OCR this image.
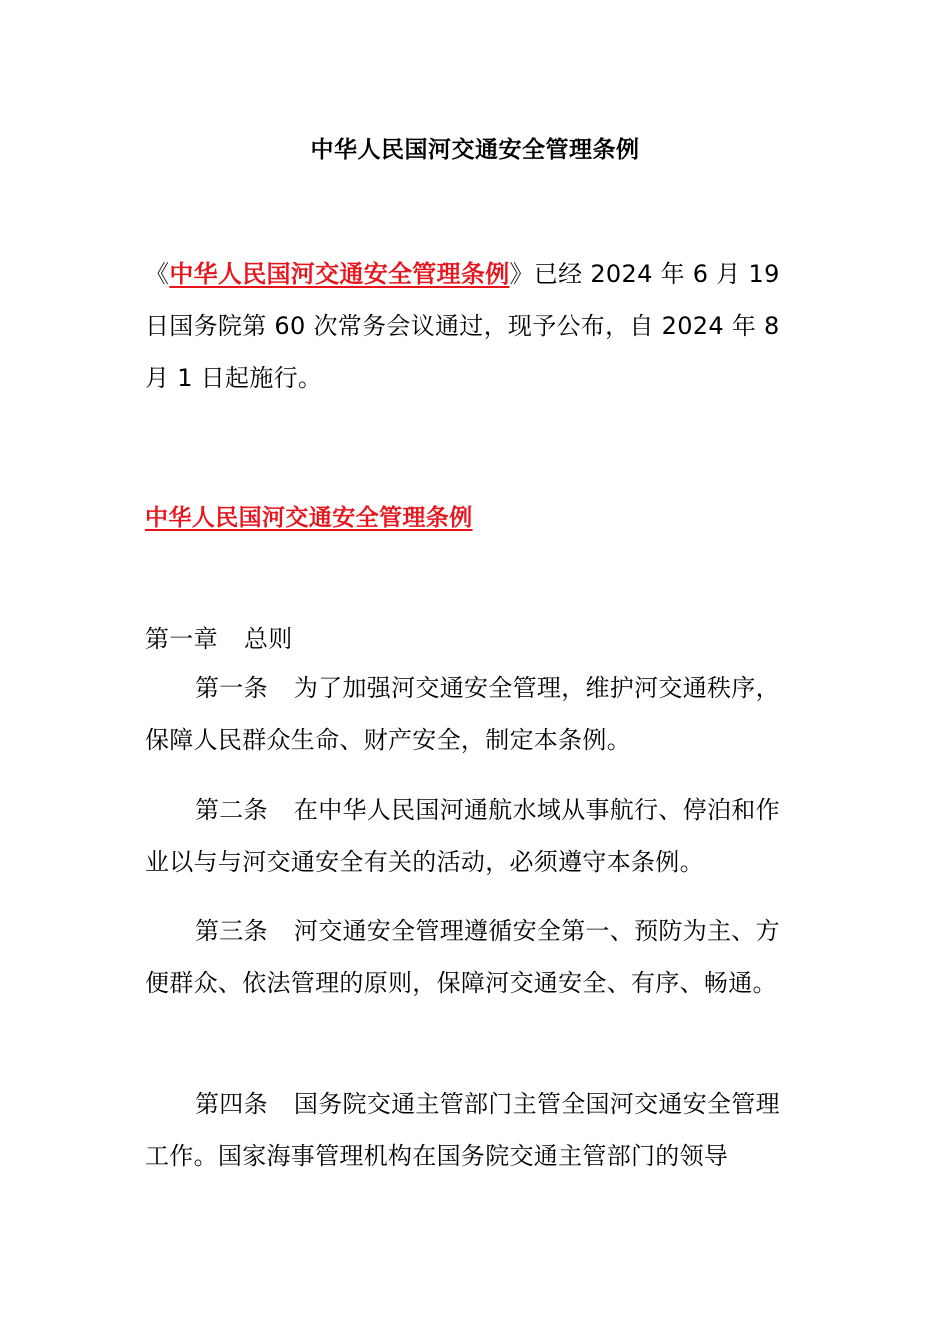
中华人民国河交通安全管理条例
《中华人民国河交通安全管理条例》已经 2024 年 6 月 19 日国务院第 60 次常务会议通过，现予公布，自 2024 年 8 月 1 日起施行。
中华人民国河交通安全管理条例
第一章 总则
第一条 为了加强河交通安全管理，维护河交通秩序，保障人民群众生命、财产安全，制定本条例。
第二条 在中华人民国河通航水域从事航行、停泊和作业以与与河交通安全有关的活动，必须遵守本条例。
第三条 河交通安全管理遵循安全第一、预防为主、方便群众、依法管理的原则，保障河交通安全、有序、畅通。
第四条 国务院交通主管部门主管全国河交通安全管理工作。国家海事管理机构在国务院交通主管部门的领导
